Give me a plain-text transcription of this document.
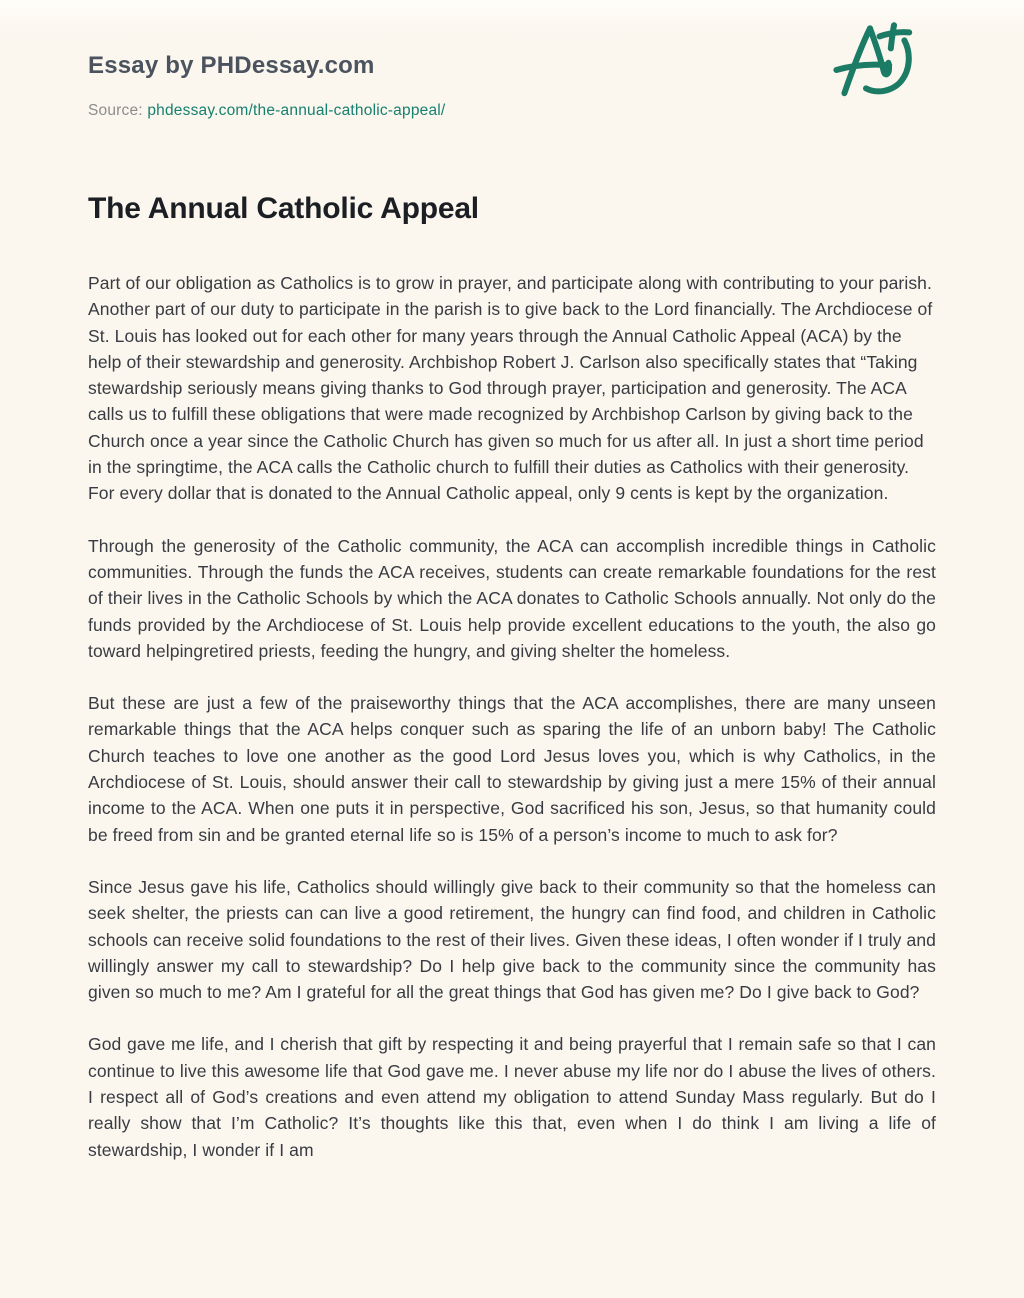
Essay by PHDessay.com
Source: phdessay.com/the-annual-catholic-appeal/
The Annual Catholic Appeal

Part of our obligation as Catholics is to grow in prayer, and participate along with contributing to your parish. Another part of our duty to participate in the parish is to give back to the Lord financially. The Archdiocese of St. Louis has looked out for each other for many years through the Annual Catholic Appeal (ACA) by the help of their stewardship and generosity. Archbishop Robert J. Carlson also specifically states that “Taking stewardship seriously means giving thanks to God through prayer, participation and generosity. The ACA calls us to fulfill these obligations that were made recognized by Archbishop Carlson by giving back to the Church once a year since the Catholic Church has given so much for us after all. In just a short time period in the springtime, the ACA calls the Catholic church to fulfill their duties as Catholics with their generosity. For every dollar that is donated to the Annual Catholic appeal, only 9 cents is kept by the organization.

Through the generosity of the Catholic community, the ACA can accomplish incredible things in Catholic communities. Through the funds the ACA receives, students can create remarkable foundations for the rest of their lives in the Catholic Schools by which the ACA donates to Catholic Schools annually. Not only do the funds provided by the Archdiocese of St. Louis help provide excellent educations to the youth, the also go toward helpingretired priests, feeding the hungry, and giving shelter the homeless.

But these are just a few of the praiseworthy things that the ACA accomplishes, there are many unseen remarkable things that the ACA helps conquer such as sparing the life of an unborn baby! The Catholic Church teaches to love one another as the good Lord Jesus loves you, which is why Catholics, in the Archdiocese of St. Louis, should answer their call to stewardship by giving just a mere 15% of their annual income to the ACA. When one puts it in perspective, God sacrificed his son, Jesus, so that humanity could be freed from sin and be granted eternal life so is 15% of a person’s income to much to ask for?

Since Jesus gave his life, Catholics should willingly give back to their community so that the homeless can seek shelter, the priests can can live a good retirement, the hungry can find food, and children in Catholic schools can receive solid foundations to the rest of their lives. Given these ideas, I often wonder if I truly and willingly answer my call to stewardship? Do I help give back to the community since the community has given so much to me? Am I grateful for all the great things that God has given me? Do I give back to God?

God gave me life, and I cherish that gift by respecting it and being prayerful that I remain safe so that I can continue to live this awesome life that God gave me. I never abuse my life nor do I abuse the lives of others. I respect all of God’s creations and even attend my obligation to attend Sunday Mass regularly. But do I really show that I’m Catholic? It’s thoughts like this that, even when I do think I am living a life of stewardship, I wonder if I am
